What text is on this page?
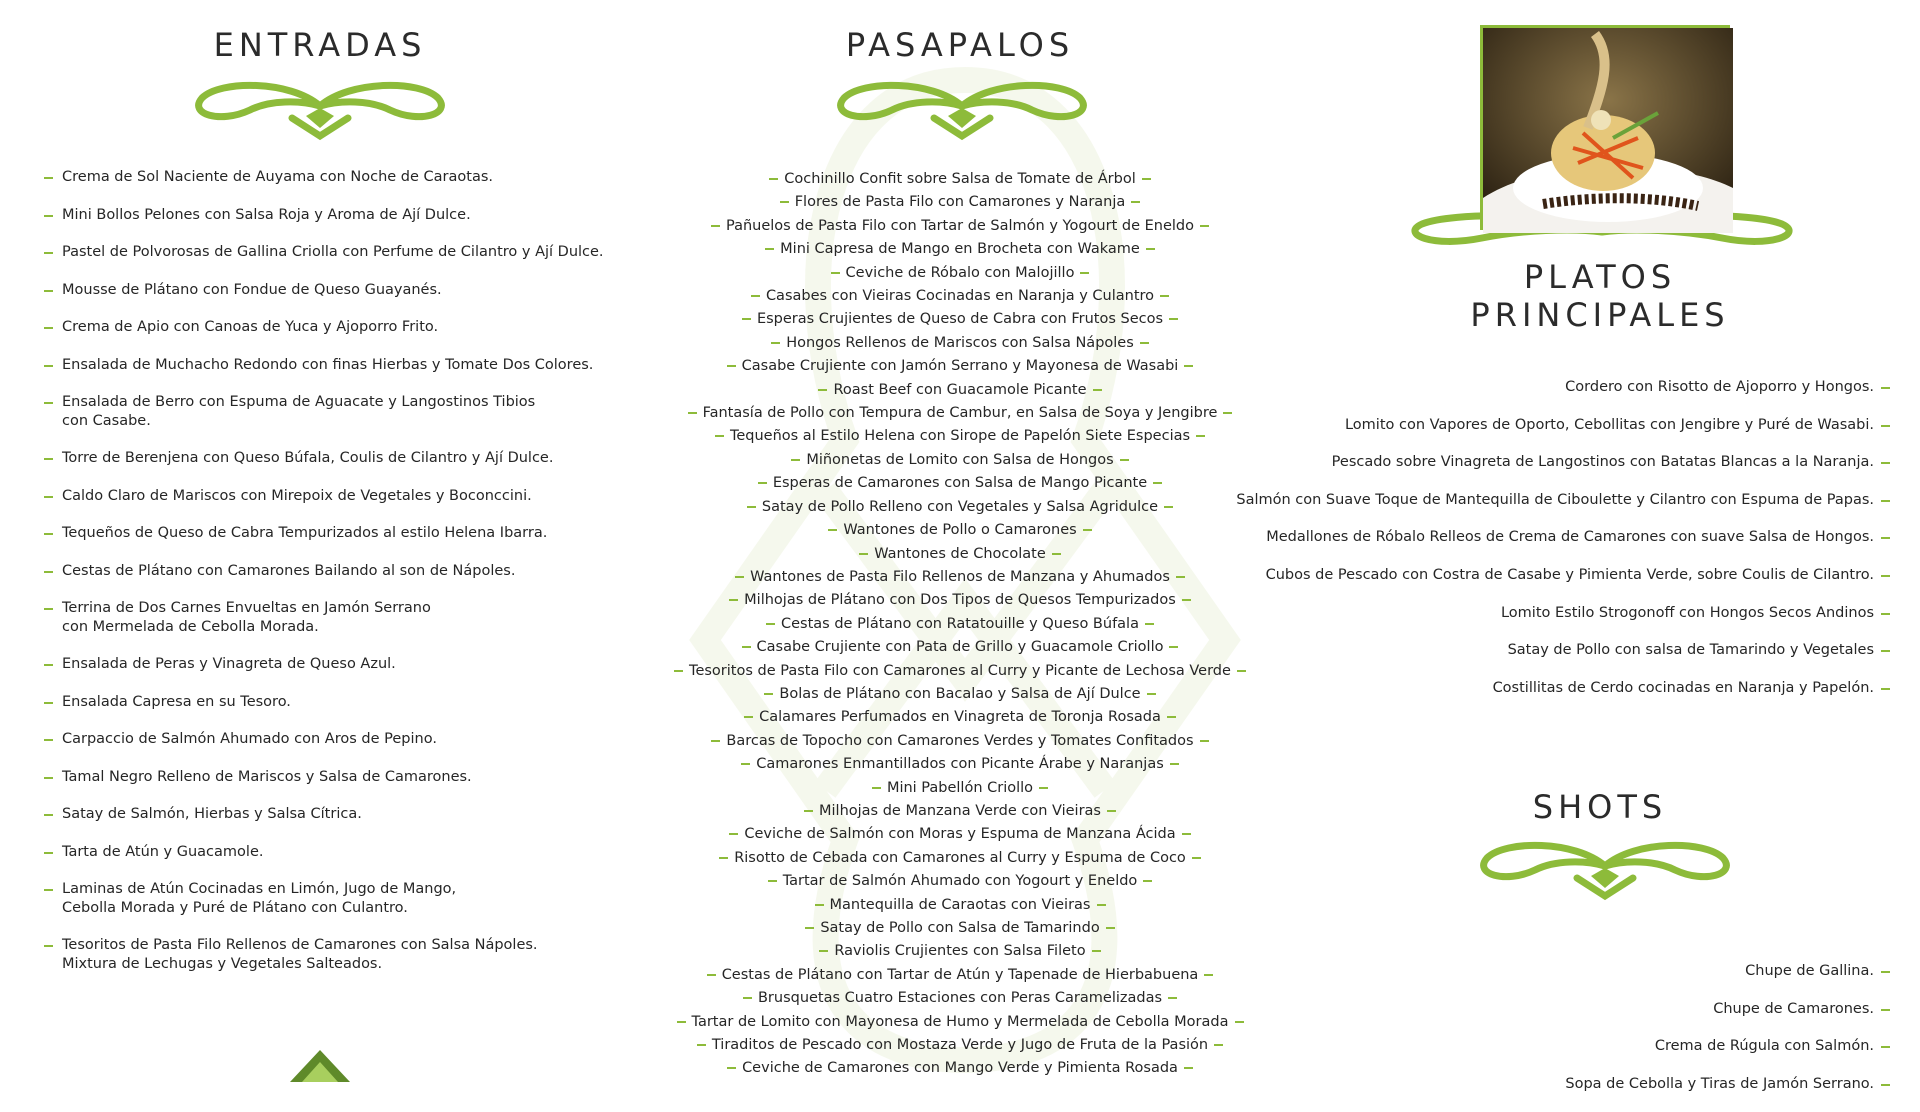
ENTRADAS
Crema de Sol Naciente de Auyama con Noche de Caraotas.
Mini Bollos Pelones con Salsa Roja y Aroma de Ají Dulce.
Pastel de Polvorosas de Gallina Criolla con Perfume de Cilantro y Ají Dulce.
Mousse de Plátano con Fondue de Queso Guayanés.
Crema de Apio con Canoas de Yuca y Ajoporro Frito.
Ensalada de Muchacho Redondo con finas Hierbas y Tomate Dos Colores.
Ensalada de Berro con Espuma de Aguacate y Langostinos Tibios
con Casabe.
Torre de Berenjena con Queso Búfala, Coulis de Cilantro y Ají Dulce.
Caldo Claro de Mariscos con Mirepoix de Vegetales y Boconccini.
Tequeños de Queso de Cabra Tempurizados al estilo Helena Ibarra.
Cestas de Plátano con Camarones Bailando al son de Nápoles.
Terrina de Dos Carnes Envueltas en Jamón Serrano
con Mermelada de Cebolla Morada.
Ensalada de Peras y Vinagreta de Queso Azul.
Ensalada Capresa en su Tesoro.
Carpaccio de Salmón Ahumado con Aros de Pepino.
Tamal Negro Relleno de Mariscos y Salsa de Camarones.
Satay de Salmón, Hierbas y Salsa Cítrica.
Tarta de Atún y Guacamole.
Laminas de Atún Cocinadas en Limón, Jugo de Mango,
Cebolla Morada y Puré de Plátano con Culantro.
Tesoritos de Pasta Filo Rellenos de Camarones con Salsa Nápoles.
Mixtura de Lechugas y Vegetales Salteados.
PASAPALOS
Cochinillo Confit sobre Salsa de Tomate de Árbol
Flores de Pasta Filo con Camarones y Naranja
Pañuelos de Pasta Filo con Tartar de Salmón y Yogourt de Eneldo
Mini Capresa de Mango en Brocheta con Wakame
Ceviche de Róbalo con Malojillo
Casabes con Vieiras Cocinadas en Naranja y Culantro
Esperas Crujientes de Queso de Cabra con Frutos Secos
Hongos Rellenos de Mariscos con Salsa Nápoles
Casabe Crujiente con Jamón Serrano y Mayonesa de Wasabi
Roast Beef con Guacamole Picante
Fantasía de Pollo con Tempura de Cambur, en Salsa de Soya y Jengibre
Tequeños al Estilo Helena con Sirope de Papelón Siete Especias
Miñonetas de Lomito con Salsa de Hongos
Esperas de Camarones con Salsa de Mango Picante
Satay de Pollo Relleno con Vegetales y Salsa Agridulce
Wantones de Pollo o Camarones
Wantones de Chocolate
Wantones de Pasta Filo Rellenos de Manzana y Ahumados
Milhojas de Plátano con Dos Tipos de Quesos Tempurizados
Cestas de Plátano con Ratatouille y Queso Búfala
Casabe Crujiente con Pata de Grillo y Guacamole Criollo
Tesoritos de Pasta Filo con Camarones al Curry y Picante de Lechosa Verde
Bolas de Plátano con Bacalao y Salsa de Ají Dulce
Calamares Perfumados en Vinagreta de Toronja Rosada
Barcas de Topocho con Camarones Verdes y Tomates Confitados
Camarones Enmantillados con Picante Árabe y Naranjas
Mini Pabellón Criollo
Milhojas de Manzana Verde con Vieiras
Ceviche de Salmón con Moras y Espuma de Manzana Ácida
Risotto de Cebada con Camarones al Curry y Espuma de Coco
Tartar de Salmón Ahumado con Yogourt y Eneldo
Mantequilla de Caraotas con Vieiras
Satay de Pollo con Salsa de Tamarindo
Raviolis Crujientes con Salsa Fileto
Cestas de Plátano con Tartar de Atún y Tapenade de Hierbabuena
Brusquetas Cuatro Estaciones con Peras Caramelizadas
Tartar de Lomito con Mayonesa de Humo y Mermelada de Cebolla Morada
Tiraditos de Pescado con Mostaza Verde y Jugo de Fruta de la Pasión
Ceviche de Camarones con Mango Verde y Pimienta Rosada
PLATOS
PRINCIPALES
Cordero con Risotto de Ajoporro y Hongos.
Lomito con Vapores de Oporto, Cebollitas con Jengibre y Puré de Wasabi.
Pescado sobre Vinagreta de Langostinos con Batatas Blancas a la Naranja.
Salmón con Suave Toque de Mantequilla de Ciboulette y Cilantro con Espuma de Papas.
Medallones de Róbalo Relleos de Crema de Camarones con suave Salsa de Hongos.
Cubos de Pescado con Costra de Casabe y Pimienta Verde, sobre Coulis de Cilantro.
Lomito Estilo Strogonoff con Hongos Secos Andinos
Satay de Pollo con salsa de Tamarindo y Vegetales
Costillitas de Cerdo cocinadas en Naranja y Papelón.
SHOTS
Chupe de Gallina.
Chupe de Camarones.
Crema de Rúgula con Salmón.
Sopa de Cebolla y Tiras de Jamón Serrano.
